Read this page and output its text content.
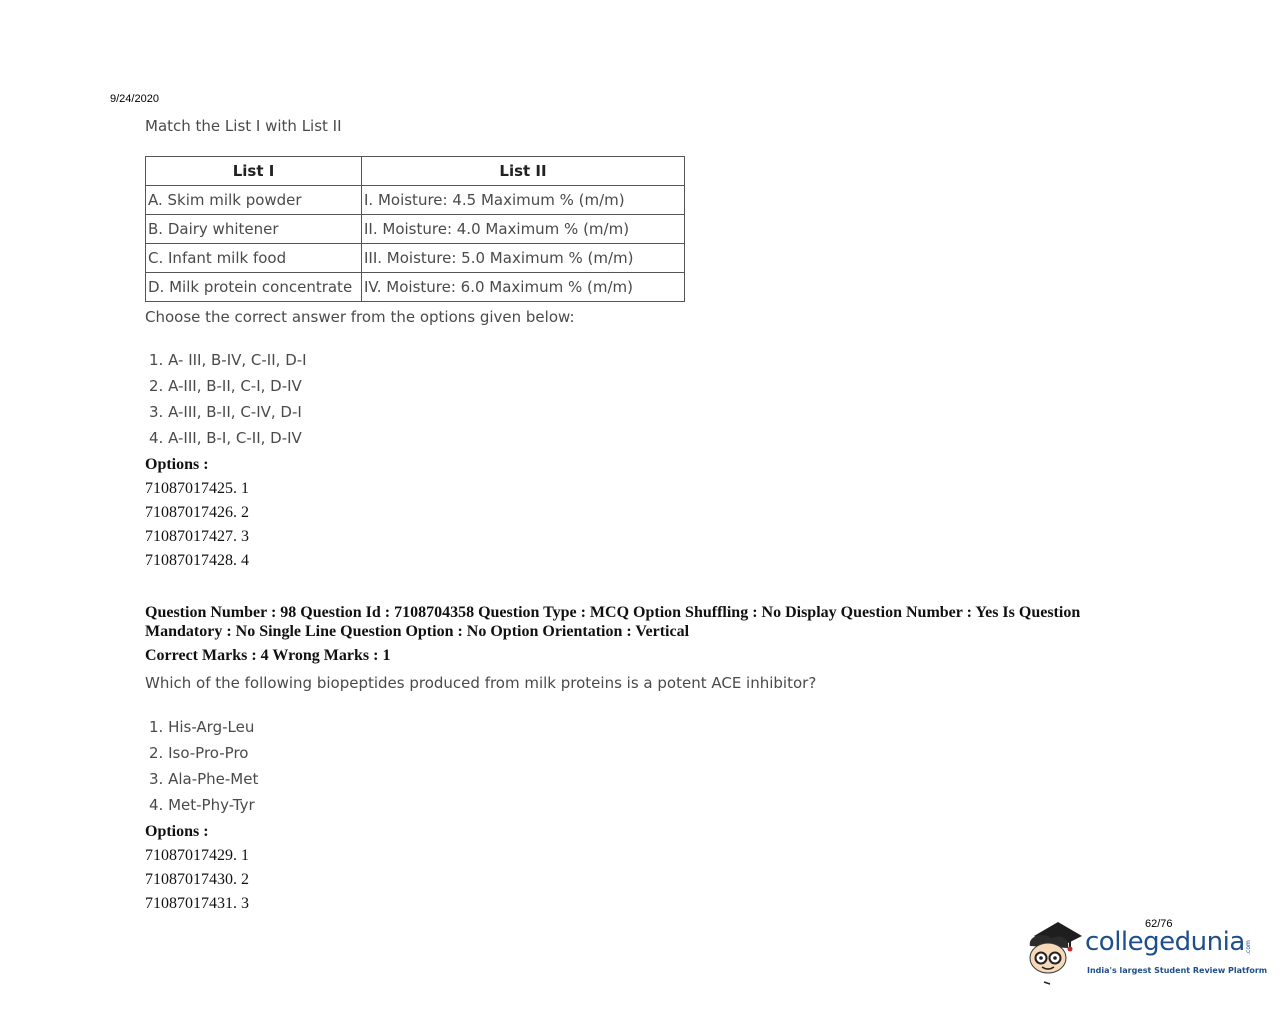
9/24/2020
Match the List I with List II
List I	List II
A. Skim milk powder	I. Moisture: 4.5 Maximum % (m/m)
B. Dairy whitener	II. Moisture: 4.0 Maximum % (m/m)
C. Infant milk food	III. Moisture: 5.0 Maximum % (m/m)
D. Milk protein concentrate	IV. Moisture: 6.0 Maximum % (m/m)
Choose the correct answer from the options given below:
1. A- III, B-IV, C-II, D-I
2. A-III, B-II, C-I, D-IV
3. A-III, B-II, C-IV, D-I
4. A-III, B-I, C-II, D-IV
Options :
71087017425. 1
71087017426. 2
71087017427. 3
71087017428. 4
Question Number : 98 Question Id : 7108704358 Question Type : MCQ Option Shuffling : No Display Question Number : Yes Is Question Mandatory : No Single Line Question Option : No Option Orientation : Vertical
Correct Marks : 4 Wrong Marks : 1
Which of the following biopeptides produced from milk proteins is a potent ACE inhibitor?
1. His-Arg-Leu
2. Iso-Pro-Pro
3. Ala-Phe-Met
4. Met-Phy-Tyr
Options :
71087017429. 1
71087017430. 2
71087017431. 3
62/76
collegedunia .com
India's largest Student Review Platform
